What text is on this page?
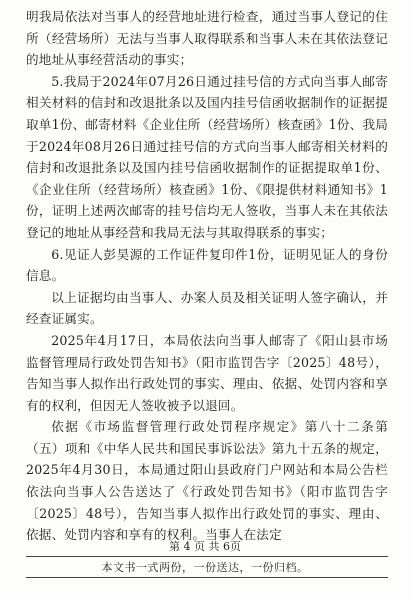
明我局依法对当事人的经营地址进行检查，通过当事人登记的住所（经营场所）无法与当事人取得联系和当事人未在其依法登记的地址从事经营活动的事实；

5.我局于2024年07月26日通过挂号信的方式向当事人邮寄相关材料的信封和改退批条以及国内挂号信函收据制作的证据提取单1份、邮寄材料《企业住所（经营场所）核查函》1份、我局于2024年08月26日通过挂号信的方式向当事人邮寄相关材料的信封和改退批条以及国内挂号信函收据制作的证据提取单1份、《企业住所（经营场所）核查函》1份、《限提供材料通知书》1份，证明上述两次邮寄的挂号信均无人签收，当事人未在其依法登记的地址从事经营和我局无法与其取得联系的事实；

6.见证人彭昊源的工作证件复印件1份，证明见证人的身份信息。

以上证据均由当事人、办案人员及相关证明人签字确认，并经查证属实。

2025年4月17日，本局依法向当事人邮寄了《阳山县市场监督管理局行政处罚告知书》（阳市监罚告字〔2025〕48号），告知当事人拟作出行政处罚的事实、理由、依据、处罚内容和享有的权利，但因无人签收被予以退回。

依据《市场监督管理行政处罚程序规定》第八十二条第（五）项和《中华人民共和国民事诉讼法》第九十五条的规定，2025年4月30日，本局通过阳山县政府门户网站和本局公告栏依法向当事人公告送达了《行政处罚告知书》（阳市监罚告字〔2025〕48号），告知当事人拟作出行政处罚的事实、理由、依据、处罚内容和享有的权利。当事人在法定

第 4 页 共 6页
本文书一式两份，一份送达，一份归档。
